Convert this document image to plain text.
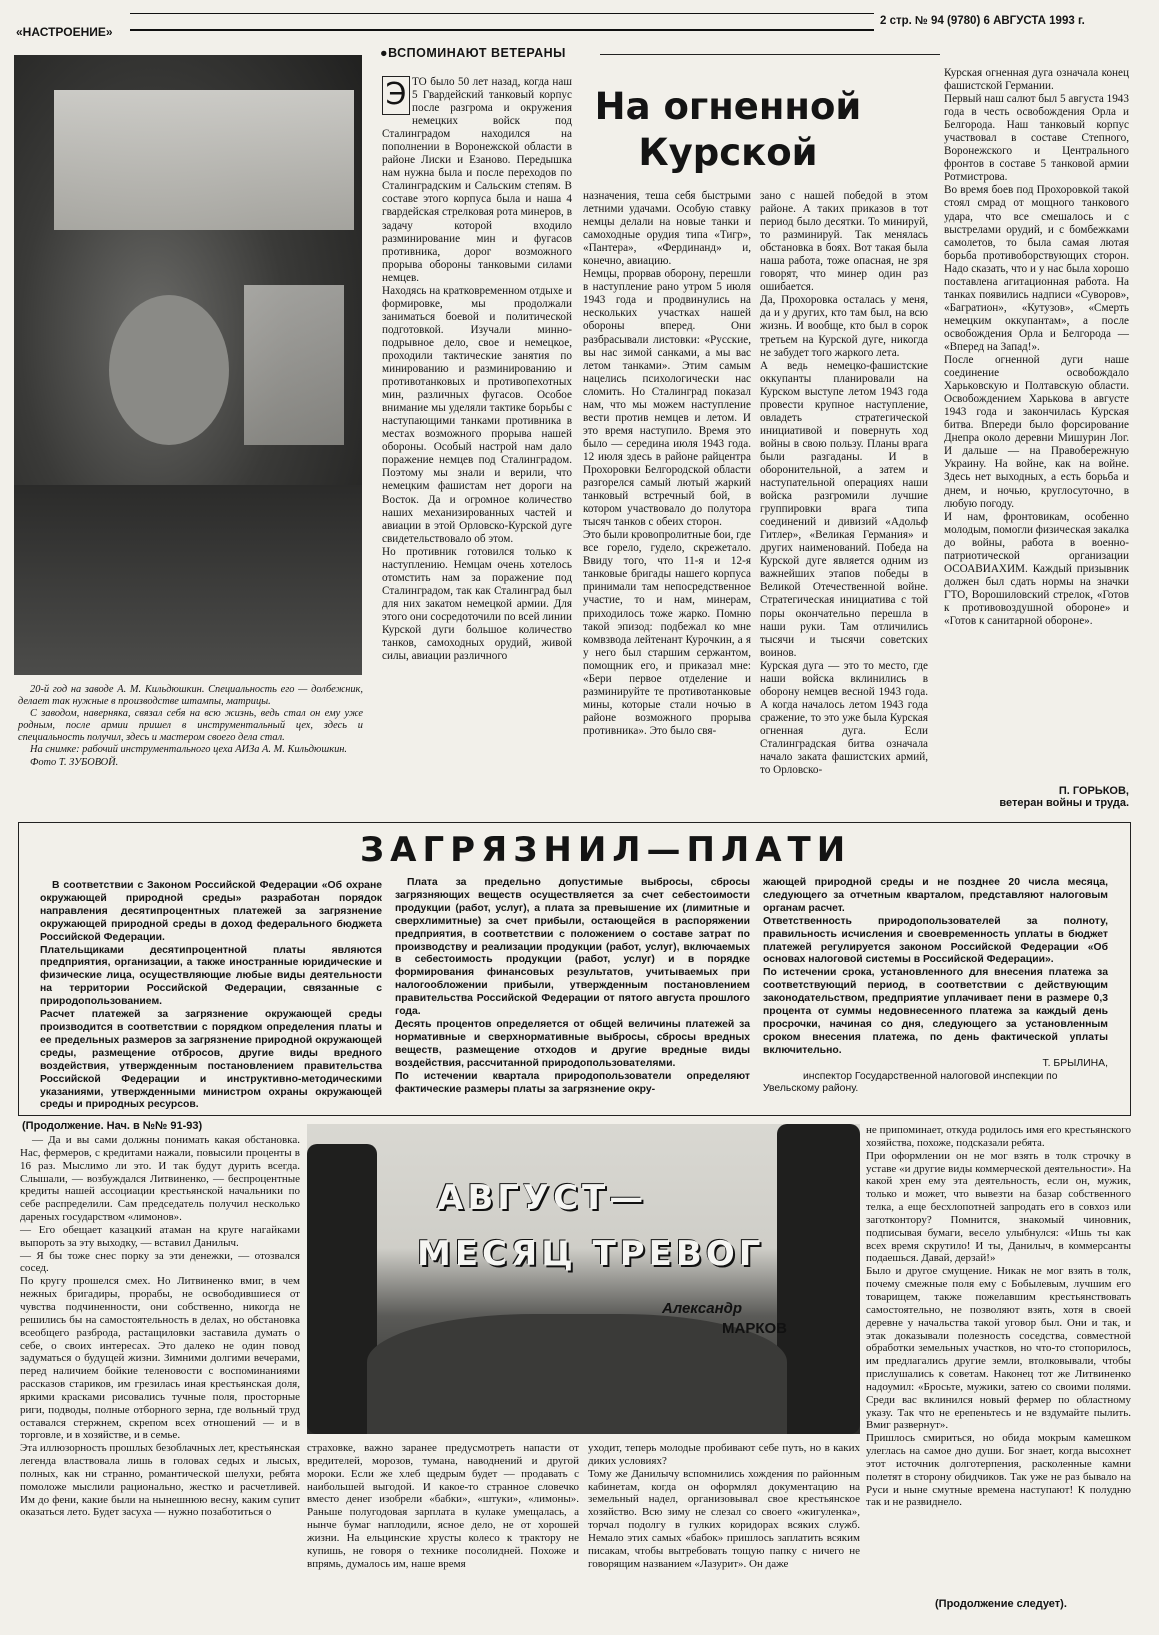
«НАСТРОЕНИЕ»
2 стр. № 94 (9780) 6 АВГУСТА 1993 г.
20-й год на заводе А. М. Кильдюшкин. Специальность его — долбежник, делает так нужные в производстве штампы, матрицы.
С заводом, наверняка, связал себя на всю жизнь, ведь стал он ему уже родным, после армии пришел в инструментальный цех, здесь и специальность получил, здесь и мастером своего дела стал.
На снимке: рабочий инструментального цеха АИЗа А. М. Кильдюшкин.
Фото Т. ЗУБОВОЙ.
●ВСПОМИНАЮТ ВЕТЕРАНЫ
На огненной
Курской
Э ТО было 50 лет назад, когда наш 5 Гвардейский танковый корпус после разгрома и окружения немецких войск под Сталинградом находился на пополнении в Воронежской области в районе Лиски и Езаново. Передышка нам нужна была и после переходов по Сталинградским и Сальским степям. В составе этого корпуса была и наша 4 гвардейская стрелковая рота минеров, в задачу которой входило разминирование мин и фугасов противника, дорог возможного прорыва обороны танковыми силами немцев.
Находясь на кратковременном отдыхе и формировке, мы продолжали заниматься боевой и политической подготовкой. Изучали минно-подрывное дело, свое и немецкое, проходили тактические занятия по минированию и разминированию и противотанковых и противопехотных мин, различных фугасов. Особое внимание мы уделяли тактике борьбы с наступающими танками противника в местах возможного прорыва нашей обороны. Особый настрой нам дало поражение немцев под Сталинградом. Поэтому мы знали и верили, что немецким фашистам нет дороги на Восток. Да и огромное количество наших механизированных частей и авиации в этой Орловско-Курской дуге свидетельствовало об этом.
Но противник готовился только к наступлению. Немцам очень хотелось отомстить нам за поражение под Сталинградом, так как Сталинград был для них закатом немецкой армии. Для этого они сосредоточили по всей линии Курской дуги большое количество танков, самоходных орудий, живой силы, авиации различного

назначения, теша себя быстрыми летними удачами. Особую ставку немцы делали на новые танки и самоходные орудия типа «Тигр», «Пантера», «Фердинанд» и, конечно, авиацию.
Немцы, прорвав оборону, перешли в наступление рано утром 5 июля 1943 года и продвинулись на нескольких участках нашей обороны вперед. Они разбрасывали листовки: «Русские, вы нас зимой санками, а мы вас летом танками». Этим самым нацелись психологически нас сломить. Но Сталинград показал нам, что мы можем наступление вести против немцев и летом. И это время наступило. Время это было — середина июля 1943 года. 12 июля здесь в районе райцентра Прохоровки Белгородской области разгорелся самый лютый жаркий танковый встречный бой, в котором участвовало до полутора тысяч танков с обеих сторон.
Это были кровопролитные бои, где все горело, гудело, скрежетало. Ввиду того, что 11-я и 12-я танковые бригады нашего корпуса принимали там непосредственное участие, то и нам, минерам, приходилось тоже жарко. Помню такой эпизод: подбежал ко мне комвзвода лейтенант Курочкин, а я у него был старшим сержантом, помощник его, и приказал мне: «Бери первое отделение и разминируйте те противотанковые мины, которые стали ночью в районе возможного прорыва противника». Это было свя-

зано с нашей победой в этом районе. А таких приказов в тот период было десятки. То минируй, то разминируй. Так менялась обстановка в боях. Вот такая была наша работа, тоже опасная, не зря говорят, что минер один раз ошибается.
Да, Прохоровка осталась у меня, да и у других, кто там был, на всю жизнь. И вообще, кто был в сорок третьем на Курской дуге, никогда не забудет того жаркого лета.
А ведь немецко-фашистские оккупанты планировали на Курском выступе летом 1943 года провести крупное наступление, овладеть стратегической инициативой и повернуть ход войны в свою пользу. Планы врага были разгаданы. И в оборонительной, а затем и наступательной операциях наши войска разгромили лучшие группировки врага типа соединений и дивизий «Адольф Гитлер», «Великая Германия» и других наименований. Победа на Курской дуге является одним из важнейших этапов победы в Великой Отечественной войне. Стратегическая инициатива с той поры окончательно перешла в наши руки. Там отличились тысячи и тысячи советских воинов.
Курская дуга — это то место, где наши войска вклинились в оборону немцев весной 1943 года. А когда началось летом 1943 года сражение, то это уже была Курская огненная дуга. Если Сталинградская битва означала начало заката фашистских армий, то Орловско-

Курская огненная дуга означала конец фашистской Германии.
Первый наш салют был 5 августа 1943 года в честь освобождения Орла и Белгорода. Наш танковый корпус участвовал в составе Степного, Воронежского и Центрального фронтов в составе 5 танковой армии Ротмистрова.
Во время боев под Прохоровкой такой стоял смрад от мощного танкового удара, что все смешалось и с выстрелами орудий, и с бомбежками самолетов, то была самая лютая борьба противоборствующих сторон. Надо сказать, что и у нас была хорошо поставлена агитационная работа. На танках появились надписи «Суворов», «Багратион», «Кутузов», «Смерть немецким оккупантам», а после освобождения Орла и Белгорода — «Вперед на Запад!».
После огненной дуги наше соединение освобождало Харьковскую и Полтавскую области. Освобождением Харькова в августе 1943 года и закончилась Курская битва. Впереди было форсирование Днепра около деревни Мишурин Лог. И дальше — на Правобережную Украину. На войне, как на войне. Здесь нет выходных, а есть борьба и днем, и ночью, круглосуточно, в любую погоду.
И нам, фронтовикам, особенно молодым, помогли физическая закалка до войны, работа в военно-патриотической организации ОСОАВИАХИМ. Каждый призывник должен был сдать нормы на значки ГТО, Ворошиловский стрелок, «Готов к противовоздушной обороне» и «Готов к санитарной обороне».

П. ГОРЬКОВ,
ветеран войны и труда.
ЗАГРЯЗНИЛ—ПЛАТИ

В соответствии с Законом Российской Федерации «Об охране окружающей природной среды» разработан порядок направления десятипроцентных платежей за загрязнение окружающей природной среды в доход федерального бюджета Российской Федерации.
Плательщиками десятипроцентной платы являются предприятия, организации, а также иностранные юридические и физические лица, осуществляющие любые виды деятельности на территории Российской Федерации, связанные с природопользованием.
Расчет платежей за загрязнение окружающей среды производится в соответствии с порядком определения платы и ее предельных размеров за загрязнение природной окружающей среды, размещение отбросов, другие виды вредного воздействия, утвержденным постановлением правительства Российской Федерации и инструктивно-методическими указаниями, утвержденными министром охраны окружающей среды и природных ресурсов.

Плата за предельно допустимые выбросы, сбросы загрязняющих веществ осуществляется за счет себестоимости продукции (работ, услуг), а плата за превышение их (лимитные и сверхлимитные) за счет прибыли, остающейся в распоряжении предприятия, в соответствии с положением о составе затрат по производству и реализации продукции (работ, услуг), включаемых в себестоимость продукции (работ, услуг) и в порядке формирования финансовых результатов, учитываемых при налогообложении прибыли, утвержденным постановлением правительства Российской Федерации от пятого августа прошлого года.
Десять процентов определяется от общей величины платежей за нормативные и сверхнормативные выбросы, сбросы вредных веществ, размещение отходов и другие вредные виды воздействия, рассчитанной природопользователями.
По истечении квартала природопользователи определяют фактические размеры платы за загрязнение окру-

жающей природной среды и не позднее 20 числа месяца, следующего за отчетным кварталом, представляют налоговым органам расчет.
Ответственность природопользователей за полноту, правильность исчисления и своевременность уплаты в бюджет платежей регулируется законом Российской Федерации «Об основах налоговой системы в Российской Федерации».
По истечении срока, установленного для внесения платежа за соответствующий период, в соответствии с действующим законодательством, предприятие уплачивает пени в размере 0,3 процента от суммы недовнесенного платежа за каждый день просрочки, начиная со дня, следующего за установленным сроком внесения платежа, по день фактической уплаты включительно.

Т. БРЫЛИНА,
инспектор Государственной налоговой инспекции по Увельскому району.
(Продолжение. Нач. в №№ 91-93)
АВГУСТ—
МЕСЯЦ ТРЕВОГ
Александр
МАРКОВ

— Да и вы сами должны понимать какая обстановка. Нас, фермеров, с кредитами нажали, повысили проценты в 16 раз. Мыслимо ли это. И так будут дурить всегда. Слышали, — возбуждался Литвиненко, — беспроцентные кредиты нашей ассоциации крестьянской начальники по себе распределили. Сам председатель получил несколько дареных государством «лимонов».
— Его обещает казацкий атаман на круге нагайками выпороть за эту выходку, — вставил Данилыч.
— Я бы тоже снес порку за эти денежки, — отозвался сосед.
По кругу прошелся смех. Но Литвиненко вмиг, в чем нежных бригадиры, прорабы, не освободившиеся от чувства подчиненности, они собственно, никогда не решились бы на самостоятельность в делах, но обстановка всеобщего разброда, растащиловки заставила думать о себе, о своих интересах. Это далеко не один повод задуматься о будущей жизни. Зимними долгими вечерами, перед наличием бойкие теленовости с воспоминаниями рассказов стариков, им грезилась иная крестьянская доля, яркими красками рисовались тучные поля, просторные риги, подводы, полные отборного зерна, где вольный труд оставался стержнем, скрепом всех отношений — и в торговле, и в хозяйстве, и в семье.
Эта иллюзорность прошлых безоблачных лет, крестьянская легенда властвовала лишь в головах седых и лысых, полных, как ни странно, романтической шелухи, ребята помоложе мыслили рационально, жестко и расчетливей. Им до фени, какие были на нынешнюю весну, каким супит оказаться лето. Будет засуха — нужно позаботиться о

страховке, важно заранее предусмотреть напасти от вредителей, морозов, тумана, наводнений и другой мороки. Если же хлеб щедрым будет — продавать с наибольшей выгодой. И какое-то странное словечко вместо денег изобрели «бабки», «штуки», «лимоны». Раньше полугодовая зарплата в кулаке умещалась, а нынче бумаг наплодили, ясное дело, не от хорошей жизни. На ельцинские хрусты колесо к трактору не купишь, не говоря о технике посолидней. Похоже и впрямь, думалось им, наше время

уходит, теперь молодые пробивают себе путь, но в каких диких условиях?
Тому же Данилычу вспомнились хождения по районным кабинетам, когда он оформлял документацию на земельный надел, организовывал свое крестьянское хозяйство. Всю зиму не слезал со своего «жигуленка», торчал подолгу в гулких коридорах всяких служб. Немало этих самых «бабок» пришлось заплатить всяким писакам, чтобы вытребовать тощую папку с ничего не говорящим названием «Лазурит». Он даже

не припоминает, откуда родилось имя его крестьянского хозяйства, похоже, подсказали ребята.
При оформлении он не мог взять в толк строчку в уставе «и другие виды коммерческой деятельности». На какой хрен ему эта деятельность, если он, мужик, только и может, что вывезти на базар собственного телка, а еще бесхлопотней запродать его в совхоз или заготконтору? Помнится, знакомый чиновник, подписывая бумаги, весело улыбнулся: «Ишь ты как всех время скрутило! И ты, Данилыч, в коммерсанты подаешься. Давай, дерзай!»
Было и другое смущение. Никак не мог взять в толк, почему смежные поля ему с Бобылевым, лучшим его товарищем, также пожелавшим крестьянствовать самостоятельно, не позволяют взять, хотя в своей деревне у начальства такой уговор был. Они и так, и этак доказывали полезность соседства, совместной обработки земельных участков, но что-то стопорилось, им предлагались другие земли, втолковывали, чтобы прислушались к советам. Наконец тот же Литвиненко надоумил: «Бросьте, мужики, затею со своими полями. Среди вас вклинился новый фермер по областному указу. Так что не ерепеньтесь и не вздумайте пылить. Вмиг развернут».
Пришлось смириться, но обида мокрым камешком улеглась на самое дно души. Бог знает, когда высохнет этот источник долготерпения, расколенные камни полетят в сторону обидчиков. Так уже не раз бывало на Руси и ныне смутные времена наступают! К полудню так и не развиднело.

(Продолжение следует).
